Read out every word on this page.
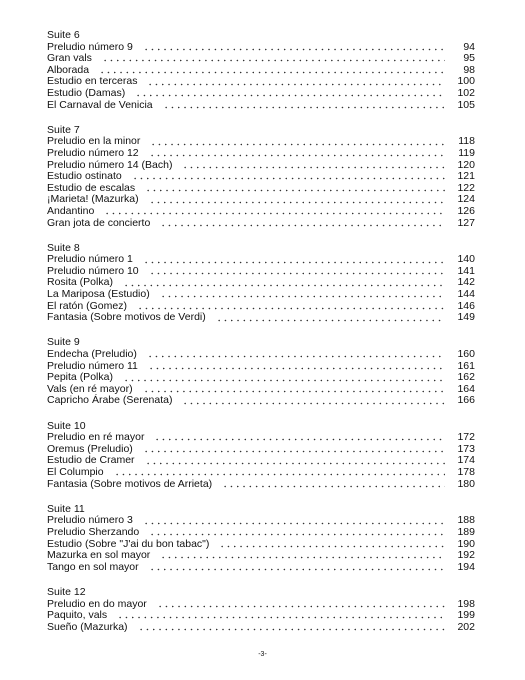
Suite 6
Preludio número 9	94
Gran vals	95
Alborada	98
Estudio en terceras	100
Estudio (Damas)	102
El Carnaval de Venicia	105
Suite 7
Preludio en la minor	118
Preludio número 12	119
Preludio número 14 (Bach)	120
Estudio ostinato	121
Estudio de escalas	122
¡Marieta! (Mazurka)	124
Andantino	126
Gran jota de concierto	127
Suite 8
Preludio número 1	140
Preludio número 10	141
Rosita (Polka)	142
La Mariposa (Estudio)	144
El ratón (Gomez)	146
Fantasia (Sobre motivos de Verdi)	149
Suite 9
Endecha (Preludio)	160
Preludio número 11	161
Pepita (Polka)	162
Vals (en ré mayor)	164
Capricho Árabe (Serenata)	166
Suite 10
Preludio en ré mayor	172
Oremus (Preludio)	173
Estudio de Cramer	174
El Columpio	178
Fantasia (Sobre motivos de Arrieta)	180
Suite 11
Preludio número 3	188
Preludio Sherzando	189
Estudio (Sobre "J'ai du bon tabac")	190
Mazurka en sol mayor	192
Tango en sol mayor	194
Suite 12
Preludio en do mayor	198
Paquito, vals	199
Sueño (Mazurka)	202
-3-
